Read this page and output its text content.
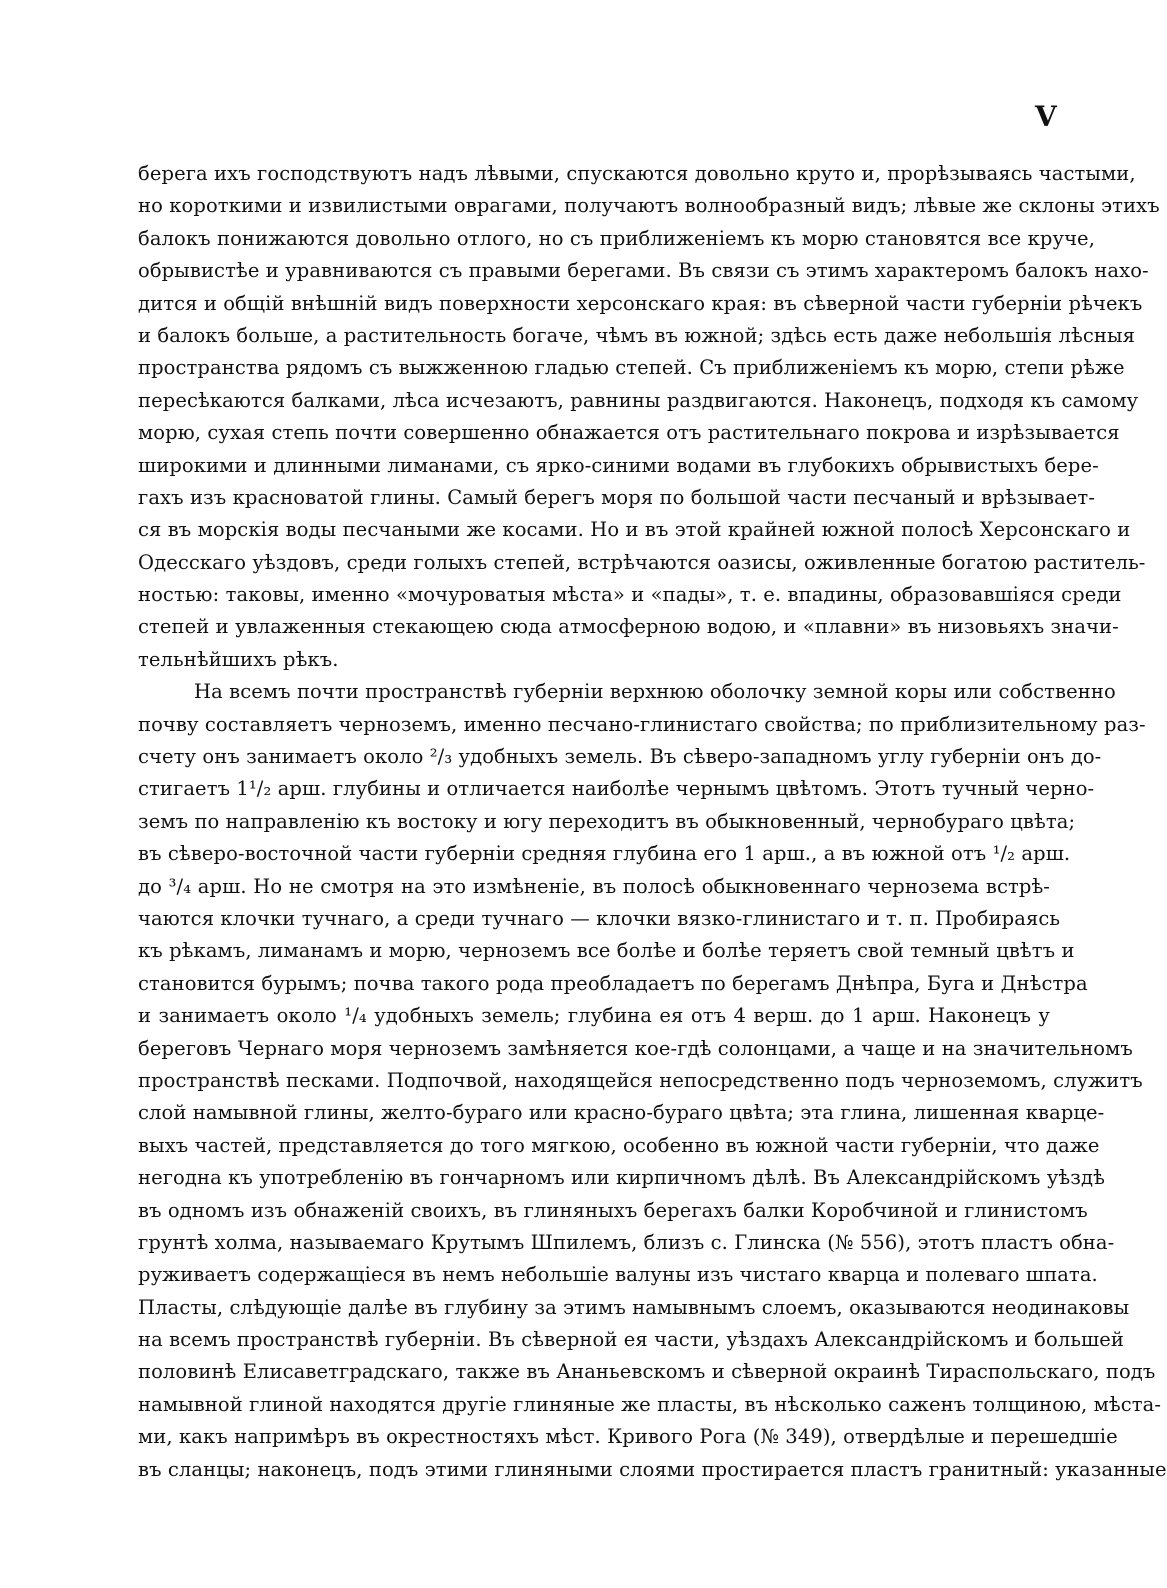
V
берега ихъ господствуютъ надъ лѣвыми, спускаются довольно круто и, прорѣзываясь частыми,
но короткими и извилистыми оврагами, получаютъ волнообразный видъ; лѣвые же склоны этихъ
балокъ понижаются довольно отлого, но съ приближеніемъ къ морю становятся все круче,
обрывистѣе и уравниваются съ правыми берегами. Въ связи съ этимъ характеромъ балокъ нахо-
дится и общій внѣшній видъ поверхности херсонскаго края: въ сѣверной части губерніи рѣчекъ
и балокъ больше, а растительность богаче, чѣмъ въ южной; здѣсь есть даже небольшія лѣсныя
пространства рядомъ съ выжженною гладью степей. Съ приближеніемъ къ морю, степи рѣже
пересѣкаются балками, лѣса исчезаютъ, равнины раздвигаются. Наконецъ, подходя къ самому
морю, сухая степь почти совершенно обнажается отъ растительнаго покрова и изрѣзывается
широкими и длинными лиманами, съ ярко-синими водами въ глубокихъ обрывистыхъ бере-
гахъ изъ красноватой глины. Самый берегъ моря по большой части песчаный и врѣзывает-
ся въ морскія воды песчаными же косами. Но и въ этой крайней южной полосѣ Херсонскаго и
Одесскаго уѣздовъ, среди голыхъ степей, встрѣчаются оазисы, оживленные богатою раститель-
ностью: таковы, именно «мочуроватыя мѣста» и «пады», т. е. впадины, образовавшіяся среди
степей и увлаженныя стекающею сюда атмосферною водою, и «плавни» въ низовьяхъ значи-
тельнѣйшихъ рѣкъ.
На всемъ почти пространствѣ губерніи верхнюю оболочку земной коры или собственно
почву составляетъ черноземъ, именно песчано-глинистаго свойства; по приблизительному раз-
счету онъ занимаетъ около ²/₃ удобныхъ земель. Въ сѣверо-западномъ углу губерніи онъ до-
стигаетъ 1¹/₂ арш. глубины и отличается наиболѣе чернымъ цвѣтомъ. Этотъ тучный черно-
земъ по направленію къ востоку и югу переходитъ въ обыкновенный, чернобураго цвѣта;
въ сѣверо-восточной части губерніи средняя глубина его 1 арш., а въ южной отъ ¹/₂ арш.
до ³/₄ арш. Но не смотря на это измѣненіе, въ полосѣ обыкновеннаго чернозема встрѣ-
чаются клочки тучнаго, а среди тучнаго — клочки вязко-глинистаго и т. п. Пробираясь
къ рѣкамъ, лиманамъ и морю, черноземъ все болѣе и болѣе теряетъ свой темный цвѣтъ и
становится бурымъ; почва такого рода преобладаетъ по берегамъ Днѣпра, Буга и Днѣстра
и занимаетъ около ¹/₄ удобныхъ земель; глубина ея отъ 4 верш. до 1 арш. Наконецъ у
береговъ Чернаго моря черноземъ замѣняется кое-гдѣ солонцами, а чаще и на значительномъ
пространствѣ песками. Подпочвой, находящейся непосредственно подъ черноземомъ, служитъ
слой намывной глины, желто-бураго или красно-бураго цвѣта; эта глина, лишенная кварце-
выхъ частей, представляется до того мягкою, особенно въ южной части губерніи, что даже
негодна къ употребленію въ гончарномъ или кирпичномъ дѣлѣ. Въ Александрійскомъ уѣздѣ
въ одномъ изъ обнаженій своихъ, въ глиняныхъ берегахъ балки Коробчиной и глинистомъ
грунтѣ холма, называемаго Крутымъ Шпилемъ, близъ с. Глинска (№ 556), этотъ пластъ обна-
руживаетъ содержащіеся въ немъ небольшіе валуны изъ чистаго кварца и полеваго шпата.
Пласты, слѣдующіе далѣе въ глубину за этимъ намывнымъ слоемъ, оказываются неодинаковы
на всемъ пространствѣ губерніи. Въ сѣверной ея части, уѣздахъ Александрійскомъ и большей
половинѣ Елисаветградскаго, также въ Ананьевскомъ и сѣверной окраинѣ Тираспольскаго, подъ
намывной глиной находятся другіе глиняные же пласты, въ нѣсколько саженъ толщиною, мѣста-
ми, какъ напримѣръ въ окрестностяхъ мѣст. Кривого Рога (№ 349), отвердѣлые и перешедшіе
въ сланцы; наконецъ, подъ этими глиняными слоями простирается пластъ гранитный: указанные
